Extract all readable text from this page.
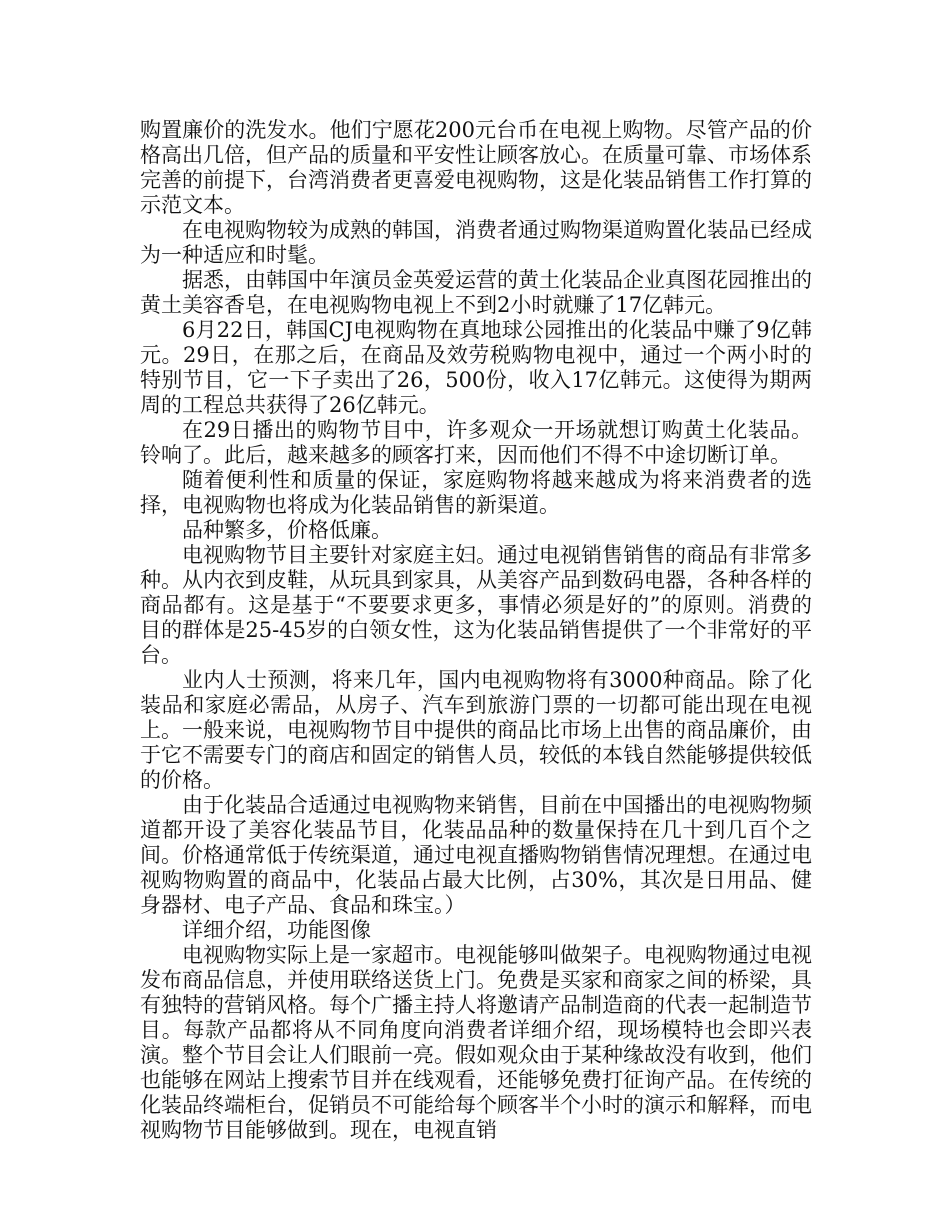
购置廉价的洗发水。他们宁愿花200元台币在电视上购物。尽管产品的价格高出几倍，但产品的质量和平安性让顾客放心。在质量可靠、市场体系完善的前提下，台湾消费者更喜爱电视购物，这是化装品销售工作打算的示范文本。

在电视购物较为成熟的韩国，消费者通过购物渠道购置化装品已经成为一种适应和时髦。

据悉，由韩国中年演员金英爱运营的黄土化装品企业真图花园推出的黄土美容香皂，在电视购物电视上不到2小时就赚了17亿韩元。

6月22日，韩国CJ电视购物在真地球公园推出的化装品中赚了9亿韩元。29日，在那之后，在商品及效劳税购物电视中，通过一个两小时的特别节目，它一下子卖出了26，500份，收入17亿韩元。这使得为期两周的工程总共获得了26亿韩元。

在29日播出的购物节目中，许多观众一开场就想订购黄土化装品。铃响了。此后，越来越多的顾客打来，因而他们不得不中途切断订单。

随着便利性和质量的保证，家庭购物将越来越成为将来消费者的选择，电视购物也将成为化装品销售的新渠道。

品种繁多，价格低廉。

电视购物节目主要针对家庭主妇。通过电视销售销售的商品有非常多种。从内衣到皮鞋，从玩具到家具，从美容产品到数码电器，各种各样的商品都有。这是基于“不要要求更多，事情必须是好的”的原则。消费的目的群体是25-45岁的白领女性，这为化装品销售提供了一个非常好的平台。

业内人士预测，将来几年，国内电视购物将有3000种商品。除了化装品和家庭必需品，从房子、汽车到旅游门票的一切都可能出现在电视上。一般来说，电视购物节目中提供的商品比市场上出售的商品廉价，由于它不需要专门的商店和固定的销售人员，较低的本钱自然能够提供较低的价格。

由于化装品合适通过电视购物来销售，目前在中国播出的电视购物频道都开设了美容化装品节目，化装品品种的数量保持在几十到几百个之间。价格通常低于传统渠道，通过电视直播购物销售情况理想。在通过电视购物购置的商品中，化装品占最大比例，占30%，其次是日用品、健身器材、电子产品、食品和珠宝。）

详细介绍，功能图像

电视购物实际上是一家超市。电视能够叫做架子。电视购物通过电视发布商品信息，并使用联络送货上门。免费是买家和商家之间的桥梁，具有独特的营销风格。每个广播主持人将邀请产品制造商的代表一起制造节目。每款产品都将从不同角度向消费者详细介绍，现场模特也会即兴表演。整个节目会让人们眼前一亮。假如观众由于某种缘故没有收到，他们也能够在网站上搜索节目并在线观看，还能够免费打征询产品。在传统的化装品终端柜台，促销员不可能给每个顾客半个小时的演示和解释，而电视购物节目能够做到。现在，电视直销
